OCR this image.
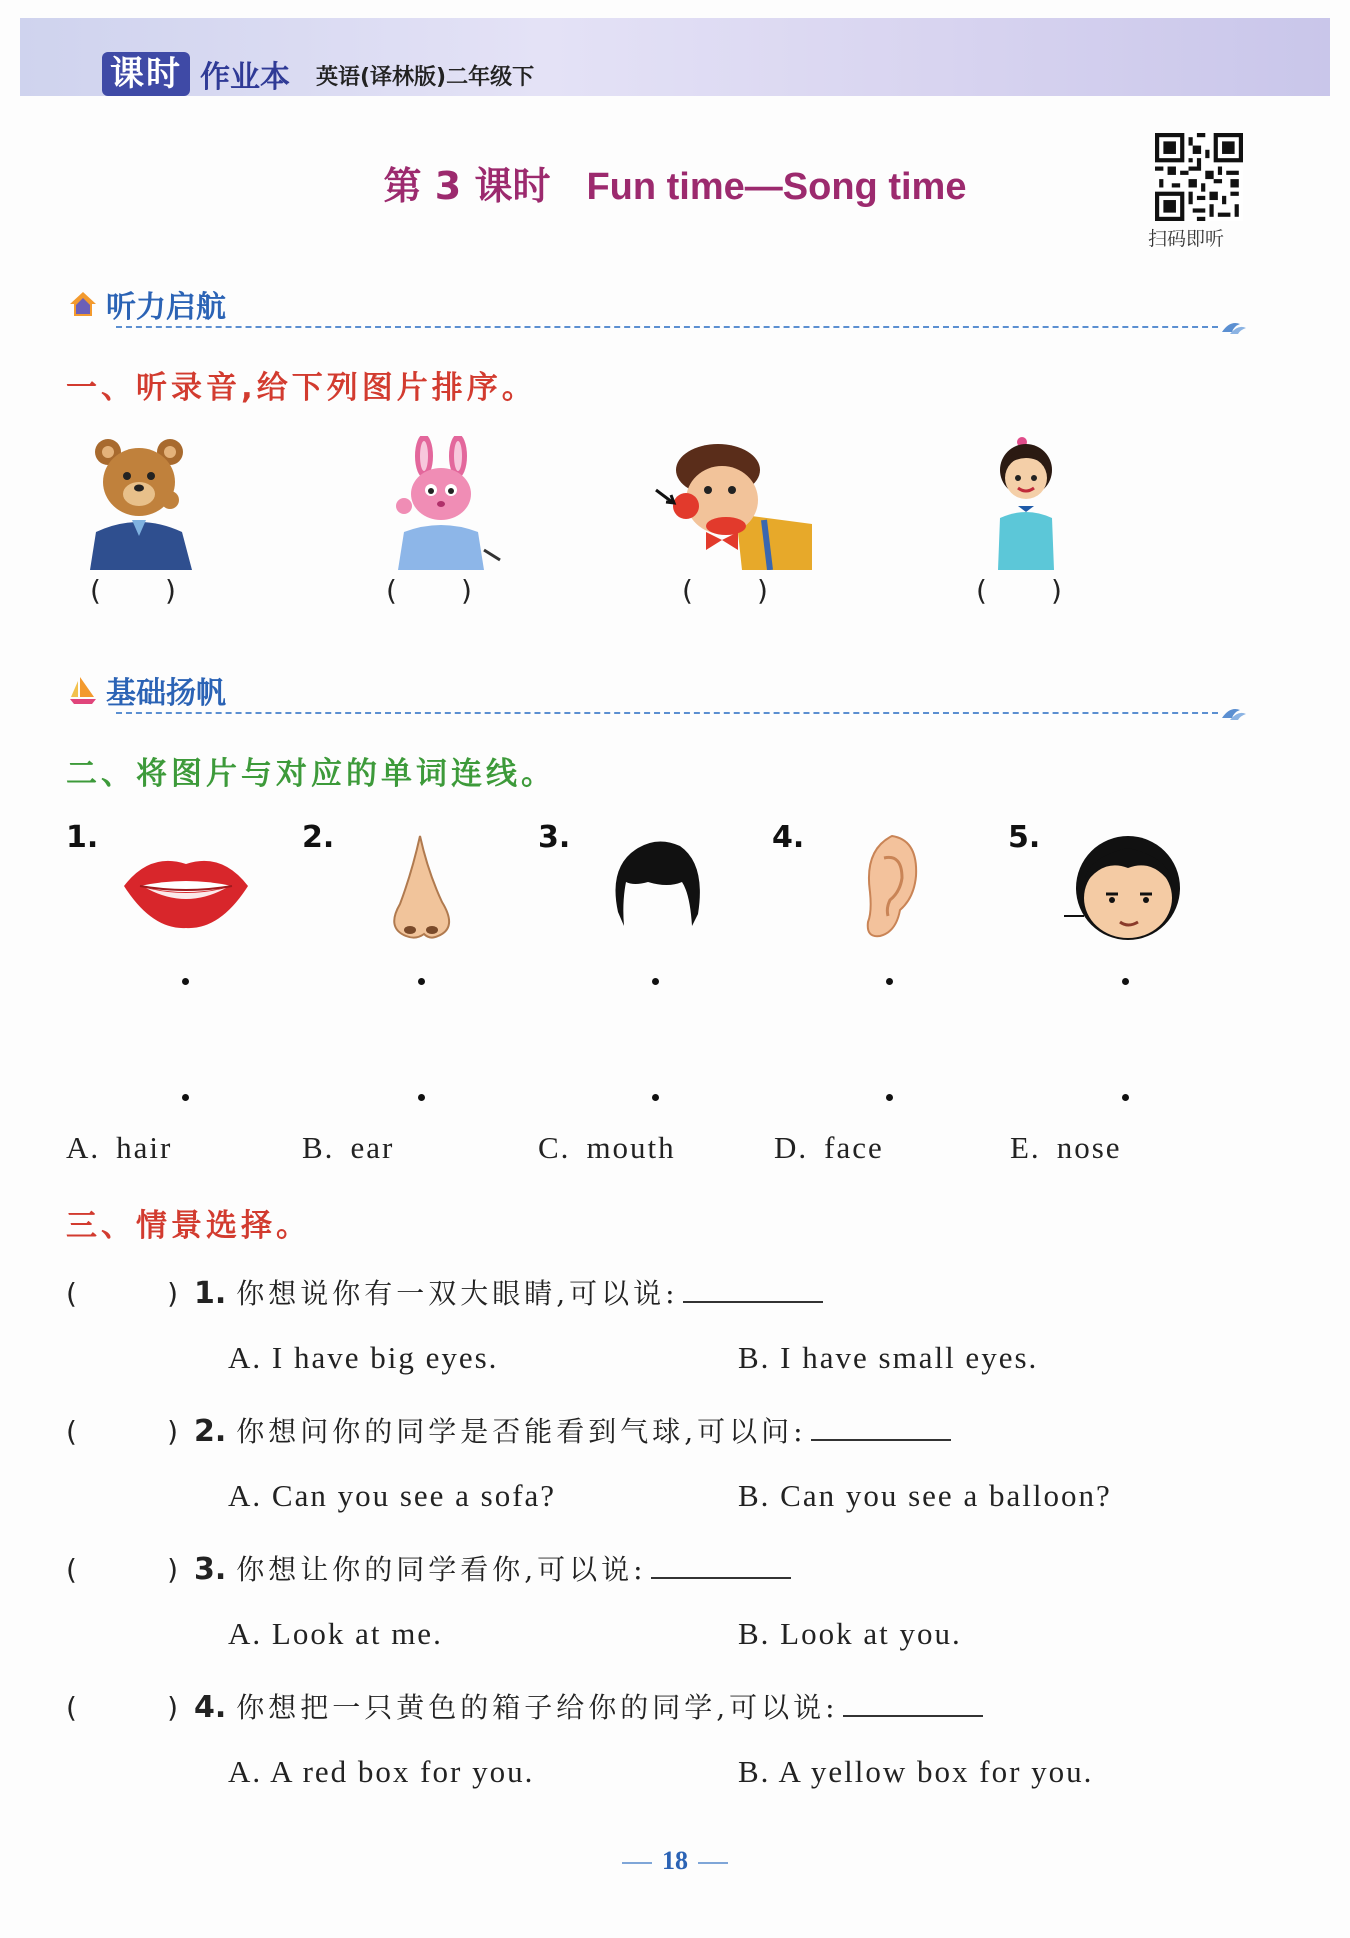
课时 作业本 英语(译林版)二年级下
第 3 课时 Fun time—Song time
扫码即听
听力启航
一、听录音,给下列图片排序。
( )	( )	( )	( )
基础扬帆
二、将图片与对应的单词连线。
1.	2.	3.	4.	5.
A. hair	B. ear	C. mouth	D. face	E. nose
三、情景选择。
(	) 1. 你想说你有一双大眼睛,可以说:
A. I have big eyes.	B. I have small eyes.
(	) 2. 你想问你的同学是否能看到气球,可以问:
A. Can you see a sofa?	B. Can you see a balloon?
(	) 3. 你想让你的同学看你,可以说:
A. Look at me.	B. Look at you.
(	) 4. 你想把一只黄色的箱子给你的同学,可以说:
A. A red box for you.	B. A yellow box for you.
18
